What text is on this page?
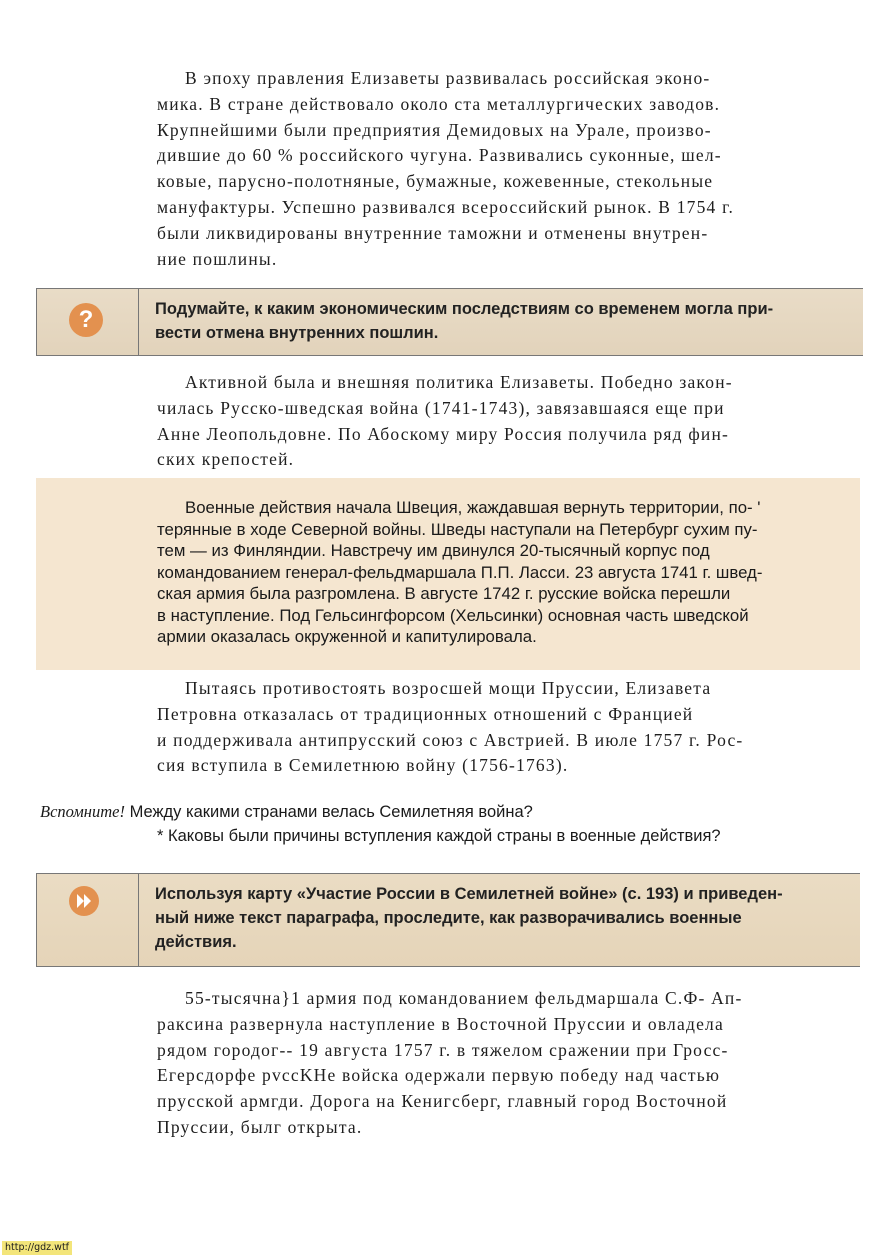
В эпоху правления Елизаветы развивалась российская эконо-
мика. В стране действовало около ста металлургических заводов.
Крупнейшими были предприятия Демидовых на Урале, произво-
дившие до 60 % российского чугуна. Развивались суконные, шел-
ковые, парусно-полотняные, бумажные, кожевенные, стекольные
мануфактуры. Успешно развивался всероссийский рынок. В 1754 г.
были ликвидированы внутренние таможни и отменены внутрен-
ние пошлины.
?	Подумайте, к каким экономическим последствиям со временем могла при-
вести отмена внутренних пошлин.
Активной была и внешняя политика Елизаветы. Победно закон-
чилась Русско-шведская война (1741-1743), завязавшаяся еще при
Анне Леопольдовне. По Абоскому миру Россия получила ряд фин-
ских крепостей.
Военные действия начала Швеция, жаждавшая вернуть территории, по- '
терянные в ходе Северной войны. Шведы наступали на Петербург сухим пу-
тем — из Финляндии. Навстречу им двинулся 20-тысячный корпус под
командованием генерал-фельдмаршала П.П. Ласси. 23 августа 1741 г. швед-
ская армия была разгромлена. В августе 1742 г. русские войска перешли
в наступление. Под Гельсингфорсом (Хельсинки) основная часть шведской
армии оказалась окруженной и капитулировала.
Пытаясь противостоять возросшей мощи Пруссии, Елизавета
Петровна отказалась от традиционных отношений с Францией
и поддерживала антипрусский союз с Австрией. В июле 1757 г. Рос-
сия вступила в Семилетнюю войну (1756-1763).
Вспомните! Между какими странами велась Семилетняя война?
* Каковы были причины вступления каждой страны в военные действия?
Используя карту «Участие России в Семилетней войне» (с. 193) и приведен-
ный ниже текст параграфа, проследите, как разворачивались военные
действия.
55-тысячна}1 армия под командованием фельдмаршала С.Ф- Ап-
раксина развернула наступление в Восточной Пруссии и овладела
рядом городог-- 19 августа 1757 г. в тяжелом сражении при Гросс-
Егерсдорфе pvccKHe войска одержали первую победу над частью
прусской армгди. Дорога на Кенигсберг, главный город Восточной
Пруссии, былг открыта.
http://gdz.wtf
